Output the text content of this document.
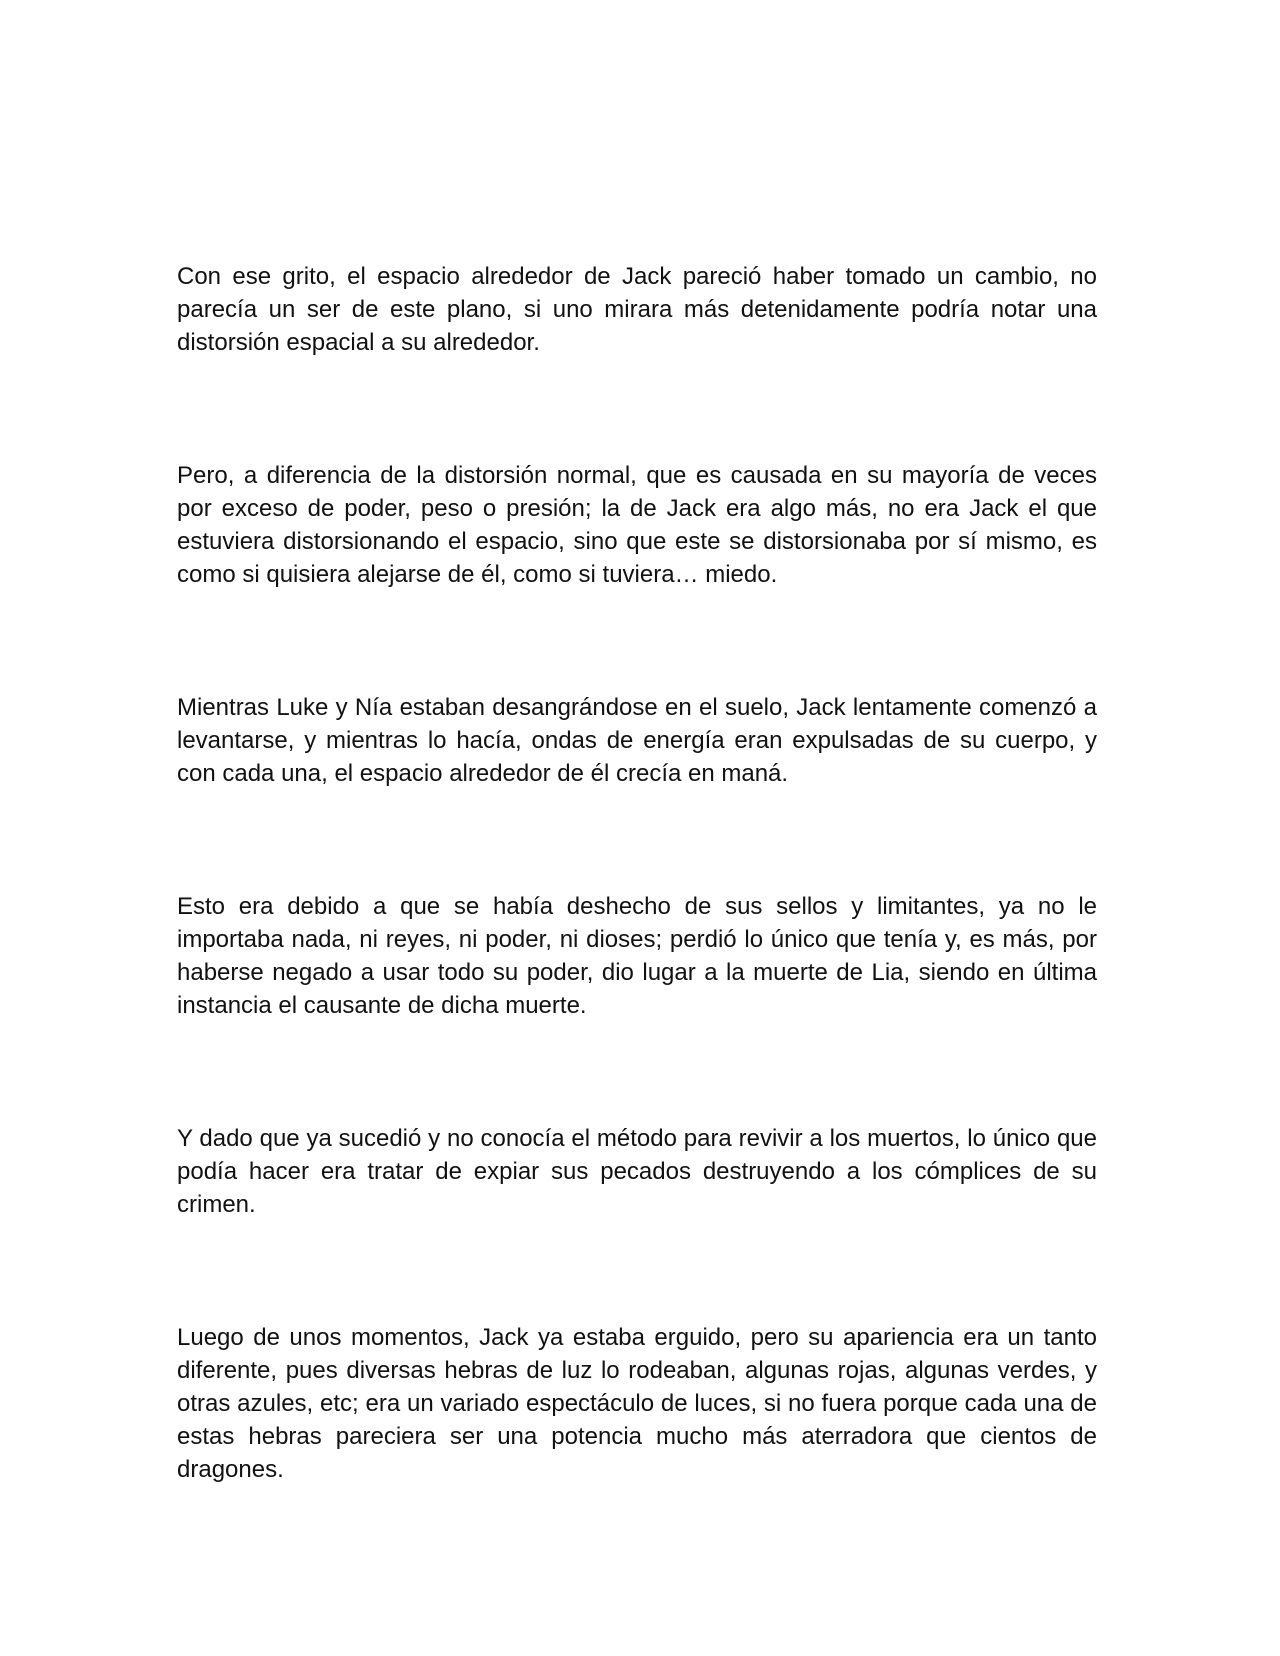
Con ese grito, el espacio alrededor de Jack pareció haber tomado un cambio, no parecía un ser de este plano, si uno mirara más detenidamente podría notar una distorsión espacial a su alrededor.

Pero, a diferencia de la distorsión normal, que es causada en su mayoría de veces por exceso de poder, peso o presión; la de Jack era algo más, no era Jack el que estuviera distorsionando el espacio, sino que este se distorsionaba por sí mismo, es como si quisiera alejarse de él, como si tuviera… miedo.

Mientras Luke y Nía estaban desangrándose en el suelo, Jack lentamente comenzó a levantarse, y mientras lo hacía, ondas de energía eran expulsadas de su cuerpo, y con cada una, el espacio alrededor de él crecía en maná.

Esto era debido a que se había deshecho de sus sellos y limitantes, ya no le importaba nada, ni reyes, ni poder, ni dioses; perdió lo único que tenía y, es más, por haberse negado a usar todo su poder, dio lugar a la muerte de Lia, siendo en última instancia el causante de dicha muerte.

Y dado que ya sucedió y no conocía el método para revivir a los muertos, lo único que podía hacer era tratar de expiar sus pecados destruyendo a los cómplices de su crimen.

Luego de unos momentos, Jack ya estaba erguido, pero su apariencia era un tanto diferente, pues diversas hebras de luz lo rodeaban, algunas rojas, algunas verdes, y otras azules, etc; era un variado espectáculo de luces, si no fuera porque cada una de estas hebras pareciera ser una potencia mucho más aterradora que cientos de dragones.
